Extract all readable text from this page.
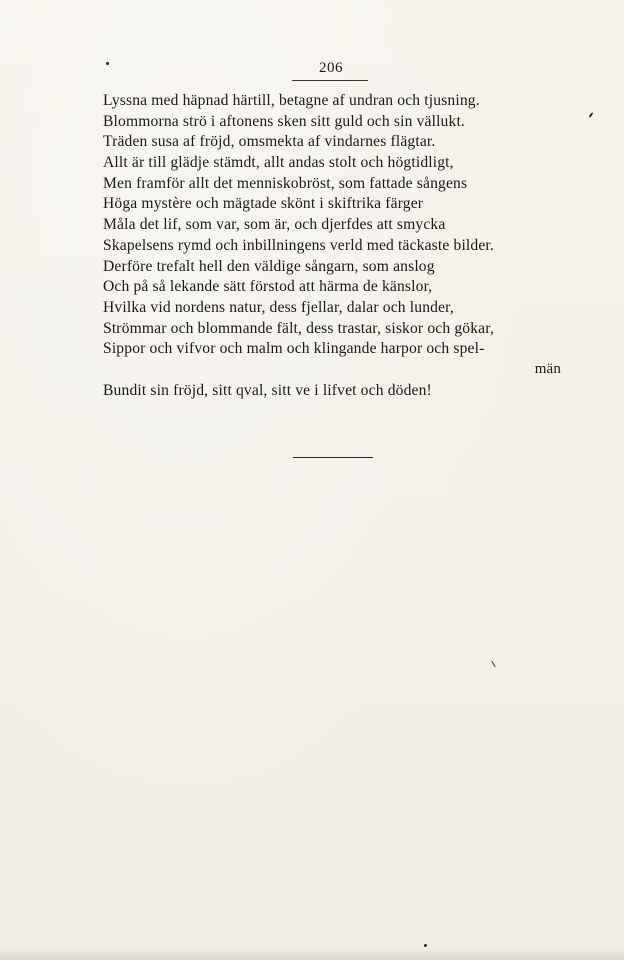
206
Lyssna med häpnad härtill, betagne af undran och tjusning.
Blommorna strö i aftonens sken sitt guld och sin vällukt.
Träden susa af fröjd, omsmekta af vindarnes flägtar.
Allt är till glädje stämdt, allt andas stolt och högtidligt,
Men framför allt det menniskobröst, som fattade sångens
Höga mystère och mägtade skönt i skiftrika färger
Måla det lif, som var, som är, och djerfdes att smycka
Skapelsens rymd och inbillningens verld med täckaste bilder.
Derföre trefalt hell den väldige sångarn, som anslog
Och på så lekande sätt förstod att härma de känslor,
Hvilka vid nordens natur, dess fjellar, dalar och lunder,
Strömmar och blommande fält, dess trastar, siskor och gökar,
Sippor och vifvor och malm och klingande harpor och spel-
män
Bundit sin fröjd, sitt qval, sitt ve i lifvet och döden!
